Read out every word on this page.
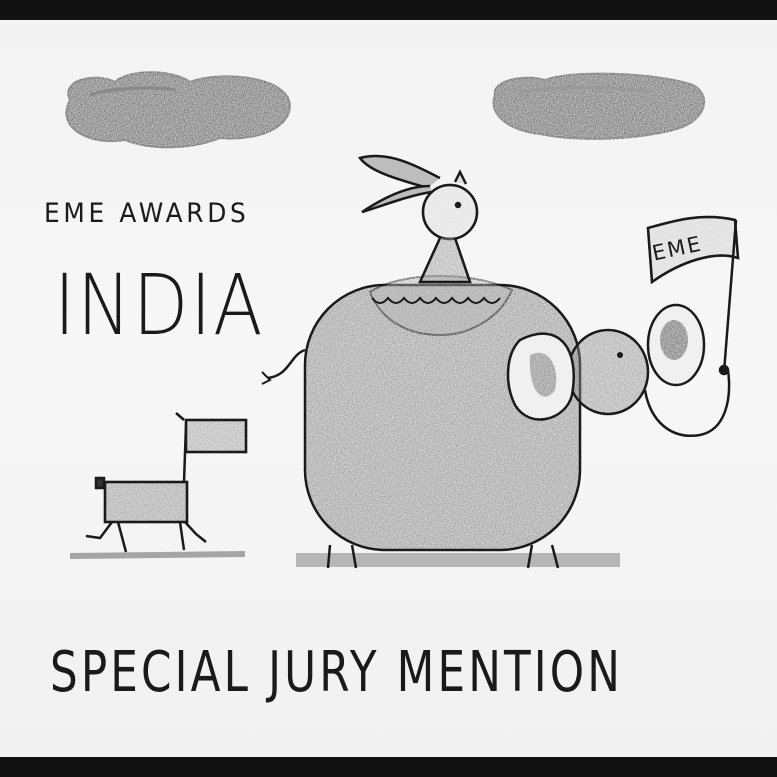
EME AWARDS

INDIA

SPECIAL JURY MENTION

EME
